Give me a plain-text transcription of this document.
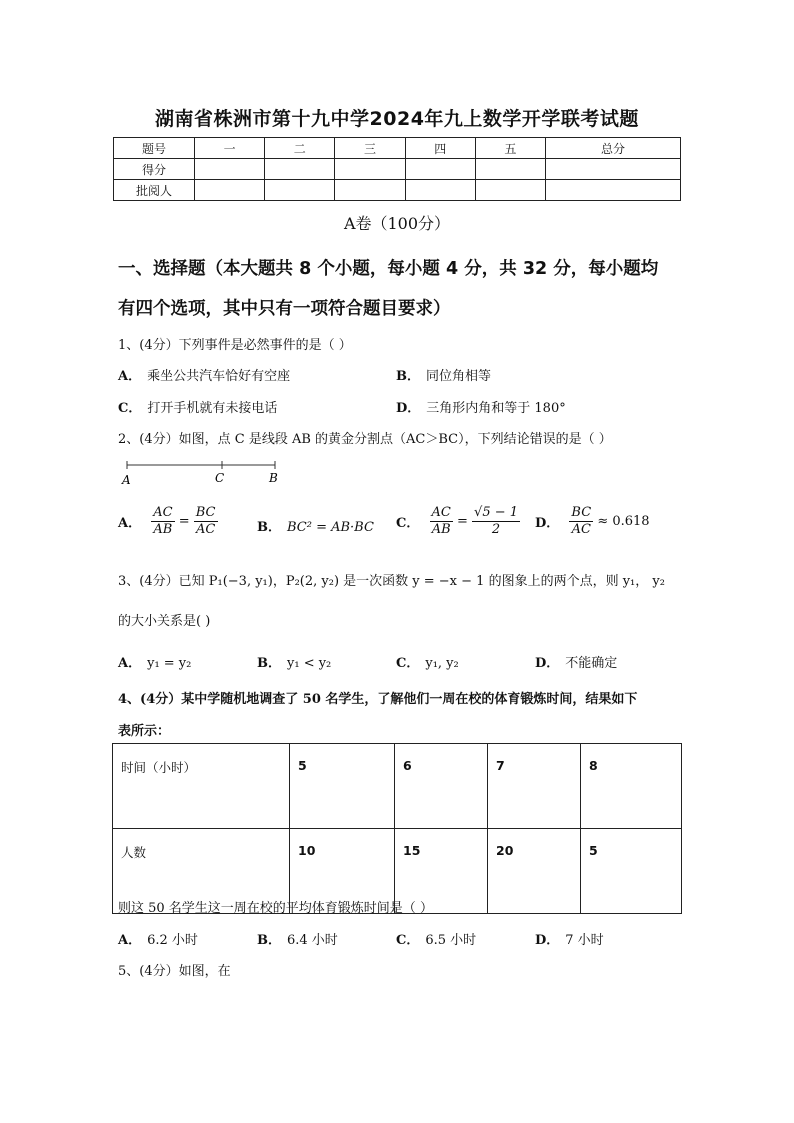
湖南省株洲市第十九中学2024年九上数学开学联考试题
题号	一	二	三	四	五	总分
得分						
批阅人						
A卷（100分）
一、选择题（本大题共 8 个小题，每小题 4 分，共 32 分，每小题均
有四个选项，其中只有一项符合题目要求）
1、(4分）下列事件是必然事件的是（ ）
A． 乘坐公共汽车恰好有空座	B． 同位角相等
C． 打开手机就有未接电话	D． 三角形内角和等于 180°
2、(4分）如图，点 C 是线段 AB 的黄金分割点（AC＞BC），下列结论错误的是（ ）
A	C	B
A． $\frac{AC}{AB} = \frac{BC}{AC}$	B． BC² = AB·BC C． $\frac{AC}{AB} = \frac{√5 - 1}{2}$ D． $\frac{BC}{AC} \approx 0.618$
3、(4分）已知 P₁(−3, y₁)，P₂(2, y₂) 是一次函数 y = −x − 1 的图象上的两个点，则 y₁， y₂
的大小关系是( )
A． y₁ = y₂	B． y₁ < y₂	C． y₁, y₂	D． 不能确定
4、(4分）某中学随机地调查了 50 名学生，了解他们一周在校的体育锻炼时间，结果如下
表所示：
时间（小时）	5	6	7	8
人数	10	15	20	5
则这 50 名学生这一周在校的平均体育锻炼时间是（ ）
A． 6.2 小时	B． 6.4 小时	C． 6.5 小时	D． 7 小时
5、(4分）如图，在
